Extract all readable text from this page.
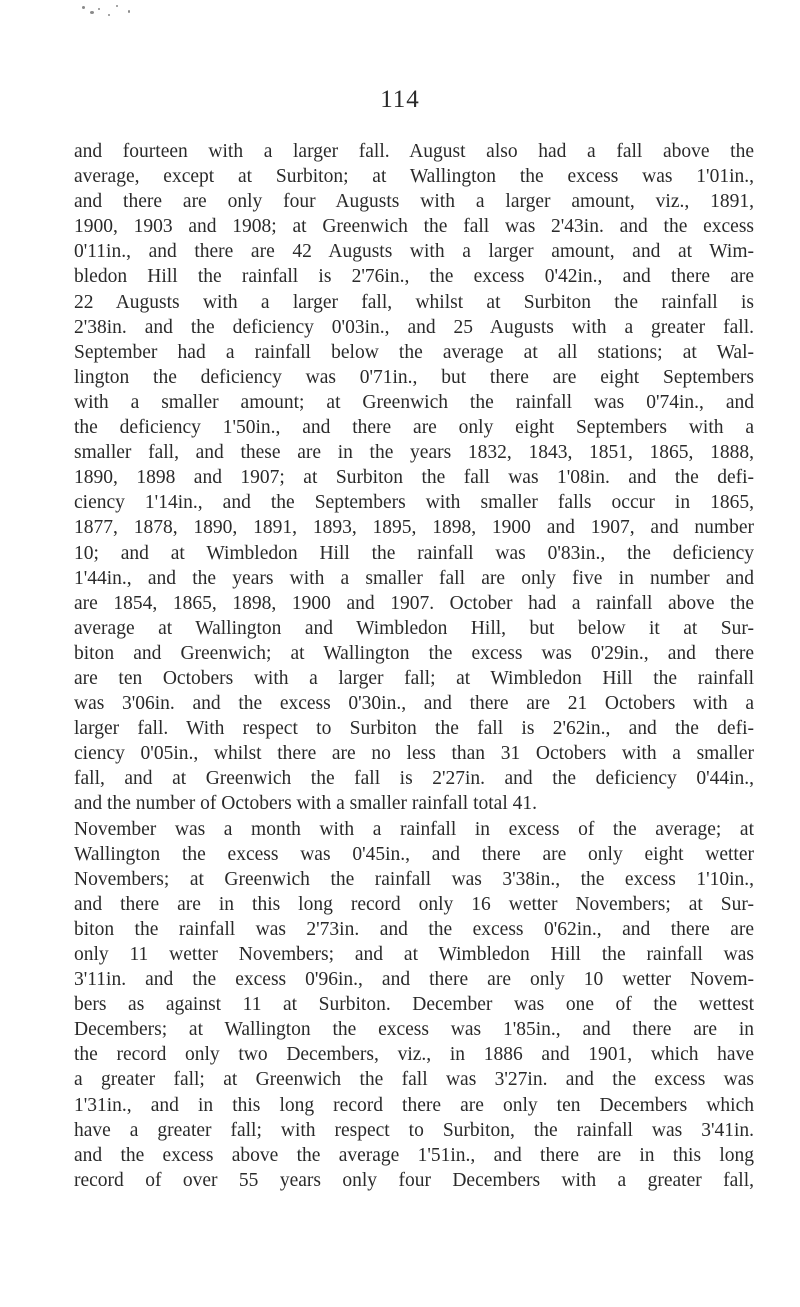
114
and fourteen with a larger fall. August also had a fall above the
average, except at Surbiton; at Wallington the excess was 1'01in.,
and there are only four Augusts with a larger amount, viz., 1891,
1900, 1903 and 1908; at Greenwich the fall was 2'43in. and the excess
0'11in., and there are 42 Augusts with a larger amount, and at Wim-
bledon Hill the rainfall is 2'76in., the excess 0'42in., and there are
22 Augusts with a larger fall, whilst at Surbiton the rainfall is
2'38in. and the deficiency 0'03in., and 25 Augusts with a greater fall.
September had a rainfall below the average at all stations; at Wal-
lington the deficiency was 0'71in., but there are eight Septembers
with a smaller amount; at Greenwich the rainfall was 0'74in., and
the deficiency 1'50in., and there are only eight Septembers with a
smaller fall, and these are in the years 1832, 1843, 1851, 1865, 1888,
1890, 1898 and 1907; at Surbiton the fall was 1'08in. and the defi-
ciency 1'14in., and the Septembers with smaller falls occur in 1865,
1877, 1878, 1890, 1891, 1893, 1895, 1898, 1900 and 1907, and number
10; and at Wimbledon Hill the rainfall was 0'83in., the deficiency
1'44in., and the years with a smaller fall are only five in number and
are 1854, 1865, 1898, 1900 and 1907. October had a rainfall above the
average at Wallington and Wimbledon Hill, but below it at Sur-
biton and Greenwich; at Wallington the excess was 0'29in., and there
are ten Octobers with a larger fall; at Wimbledon Hill the rainfall
was 3'06in. and the excess 0'30in., and there are 21 Octobers with a
larger fall. With respect to Surbiton the fall is 2'62in., and the defi-
ciency 0'05in., whilst there are no less than 31 Octobers with a smaller
fall, and at Greenwich the fall is 2'27in. and the deficiency 0'44in.,
and the number of Octobers with a smaller rainfall total 41.
November was a month with a rainfall in excess of the average; at
Wallington the excess was 0'45in., and there are only eight wetter
Novembers; at Greenwich the rainfall was 3'38in., the excess 1'10in.,
and there are in this long record only 16 wetter Novembers; at Sur-
biton the rainfall was 2'73in. and the excess 0'62in., and there are
only 11 wetter Novembers; and at Wimbledon Hill the rainfall was
3'11in. and the excess 0'96in., and there are only 10 wetter Novem-
bers as against 11 at Surbiton. December was one of the wettest
Decembers; at Wallington the excess was 1'85in., and there are in
the record only two Decembers, viz., in 1886 and 1901, which have
a greater fall; at Greenwich the fall was 3'27in. and the excess was
1'31in., and in this long record there are only ten Decembers which
have a greater fall; with respect to Surbiton, the rainfall was 3'41in.
and the excess above the average 1'51in., and there are in this long
record of over 55 years only four Decembers with a greater fall,
